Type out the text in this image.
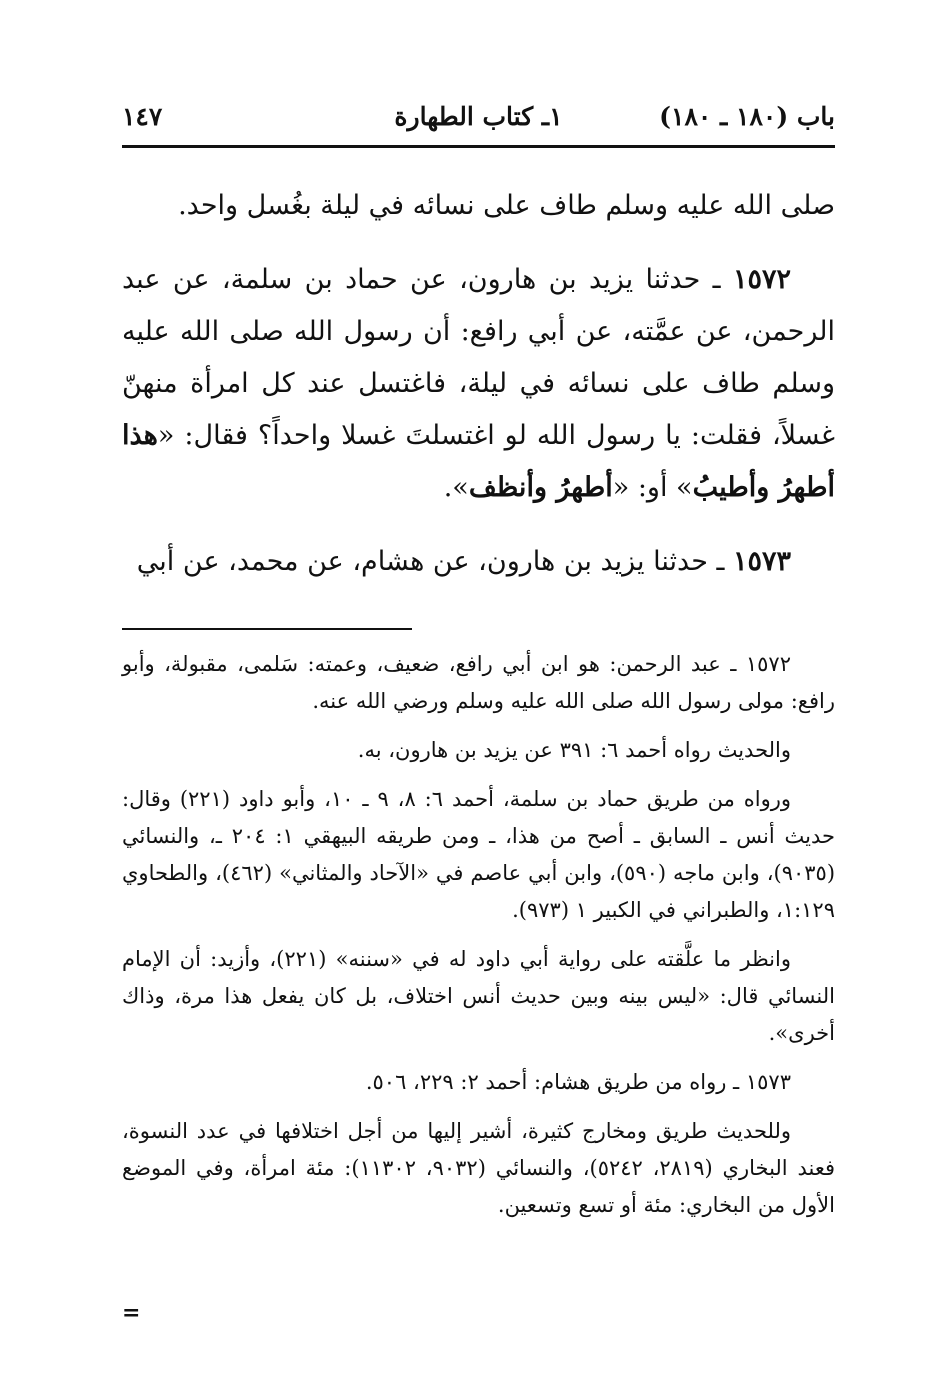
باب (١٨٠ ـ ١٨٠)
١ـ كتاب الطهارة
١٤٧

صلى الله عليه وسلم طاف على نسائه في ليلة بغُسل واحد.

١٥٧٢ ـ حدثنا يزيد بن هارون، عن حماد بن سلمة، عن عبد الرحمن، عن عمَّته، عن أبي رافع: أن رسول الله صلى الله عليه وسلم طاف على نسائه في ليلة، فاغتسل عند كل امرأة منهنّ غسلاً، فقلت: يا رسول الله لو اغتسلتَ غسلا واحداً؟ فقال: «هذا أطهرُ وأطيبُ» أو: «أطهرُ وأنظف».

١٥٧٣ ـ حدثنا يزيد بن هارون، عن هشام، عن محمد، عن أبي

١٥٧٢ ـ عبد الرحمن: هو ابن أبي رافع، ضعيف، وعمته: سَلمى، مقبولة، وأبو رافع: مولى رسول الله صلى الله عليه وسلم ورضي الله عنه.

والحديث رواه أحمد ٦: ٣٩١ عن يزيد بن هارون، به.

ورواه من طريق حماد بن سلمة، أحمد ٦: ٨، ٩ ـ ١٠، وأبو داود (٢٢١) وقال: حديث أنس ـ السابق ـ أصح من هذا، ـ ومن طريقه البيهقي ١: ٢٠٤ ـ، والنسائي (٩٠٣٥)، وابن ماجه (٥٩٠)، وابن أبي عاصم في «الآحاد والمثاني» (٤٦٢)، والطحاوي ١:١٢٩، والطبراني في الكبير ١ (٩٧٣).

وانظر ما علَّقته على رواية أبي داود له في «سننه» (٢٢١)، وأزيد: أن الإمام النسائي قال: «ليس بينه وبين حديث أنس اختلاف، بل كان يفعل هذا مرة، وذاك أخرى».

١٥٧٣ ـ رواه من طريق هشام: أحمد ٢: ٢٢٩، ٥٠٦.

وللحديث طريق ومخارج كثيرة، أشير إليها من أجل اختلافها في عدد النسوة، فعند البخاري (٢٨١٩، ٥٢٤٢)، والنسائي (٩٠٣٢، ١١٣٠٢): مئة امرأة، وفي الموضع الأول من البخاري: مئة أو تسع وتسعين.

=
